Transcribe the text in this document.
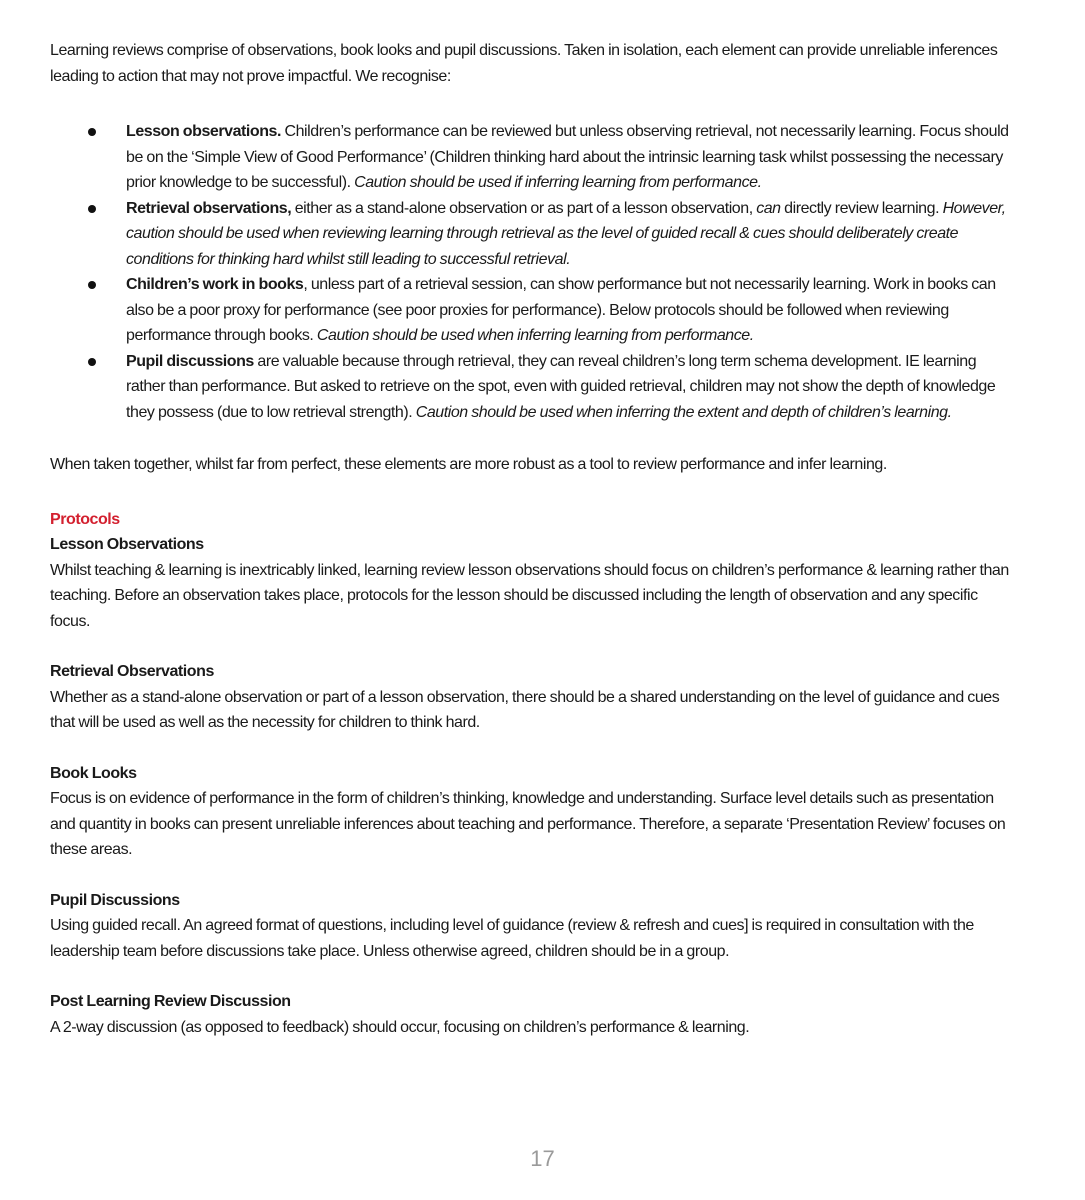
Learning reviews comprise of observations, book looks and pupil discussions. Taken in isolation, each element can provide unreliable inferences leading to action that may not prove impactful. We recognise:

Lesson observations. Children’s performance can be reviewed but unless observing retrieval, not necessarily learning. Focus should be on the ‘Simple View of Good Performance’ (Children thinking hard about the intrinsic learning task whilst possessing the necessary prior knowledge to be successful). Caution should be used if inferring learning from performance.
Retrieval observations, either as a stand-alone observation or as part of a lesson observation, can directly review learning. However, caution should be used when reviewing learning through retrieval as the level of guided recall & cues should deliberately create conditions for thinking hard whilst still leading to successful retrieval.
Children’s work in books, unless part of a retrieval session, can show performance but not necessarily learning. Work in books can also be a poor proxy for performance (see poor proxies for performance). Below protocols should be followed when reviewing performance through books. Caution should be used when inferring learning from performance.
Pupil discussions are valuable because through retrieval, they can reveal children’s long term schema development. IE learning rather than performance. But asked to retrieve on the spot, even with guided retrieval, children may not show the depth of knowledge they possess (due to low retrieval strength). Caution should be used when inferring the extent and depth of children’s learning.

When taken together, whilst far from perfect, these elements are more robust as a tool to review performance and infer learning.

Protocols

Lesson Observations

Whilst teaching & learning is inextricably linked, learning review lesson observations should focus on children’s performance & learning rather than teaching. Before an observation takes place, protocols for the lesson should be discussed including the length of observation and any specific focus.

Retrieval Observations

Whether as a stand-alone observation or part of a lesson observation, there should be a shared understanding on the level of guidance and cues that will be used as well as the necessity for children to think hard.

Book Looks

Focus is on evidence of performance in the form of children’s thinking, knowledge and understanding. Surface level details such as presentation and quantity in books can present unreliable inferences about teaching and performance. Therefore, a separate ‘Presentation Review’ focuses on these areas.

Pupil Discussions

Using guided recall. An agreed format of questions, including level of guidance (review & refresh and cues] is required in consultation with the leadership team before discussions take place. Unless otherwise agreed, children should be in a group.

Post Learning Review Discussion

A 2-way discussion (as opposed to feedback) should occur, focusing on children’s performance & learning.

17
